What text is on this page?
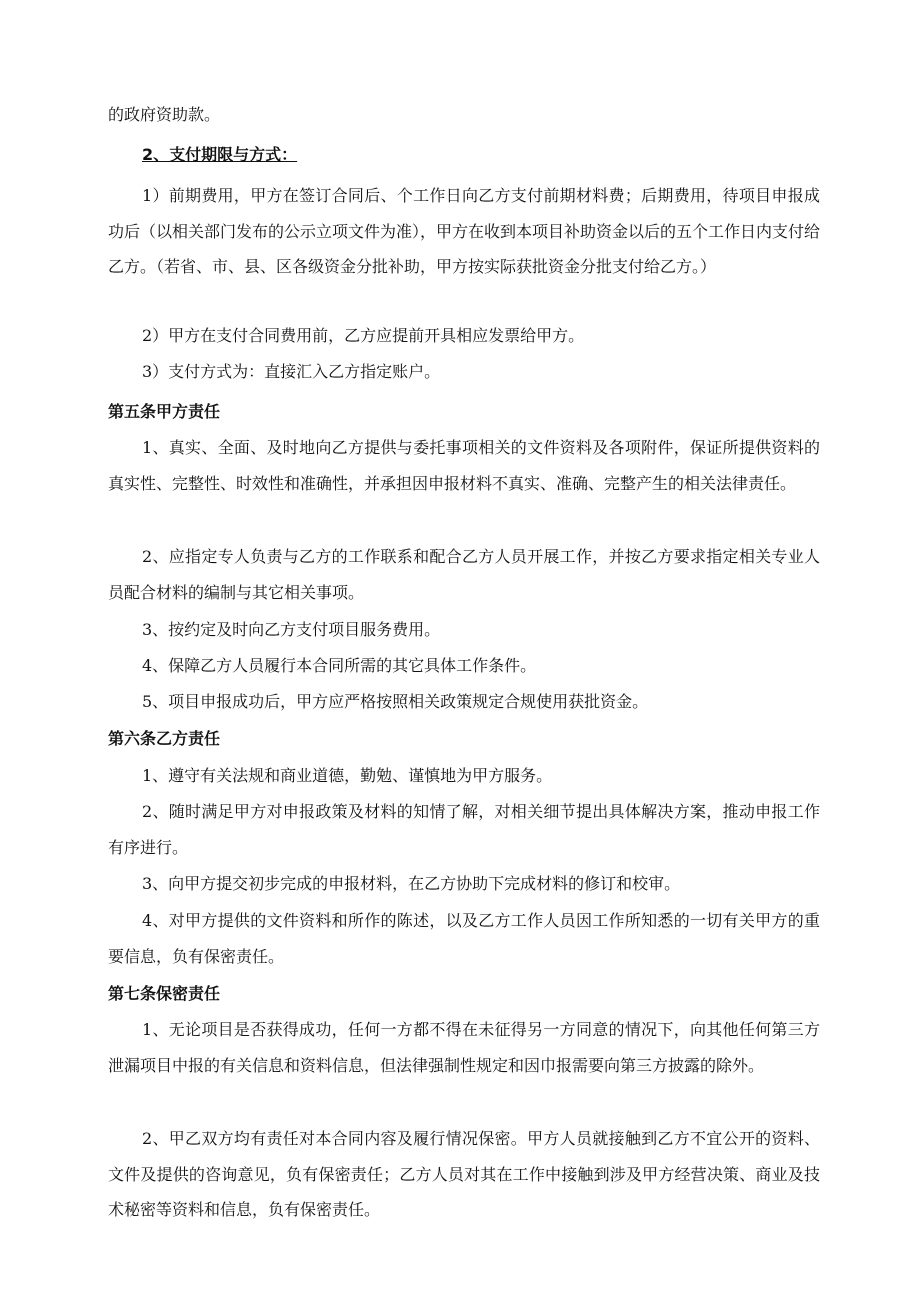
的政府资助款。

2、支付期限与方式：

1）前期费用，甲方在签订合同后、个工作日向乙方支付前期材料费；后期费用，待项目申报成功后（以相关部门发布的公示立项文件为准），甲方在收到本项目补助资金以后的五个工作日内支付给乙方。（若省、市、县、区各级资金分批补助，甲方按实际获批资金分批支付给乙方。）

2）甲方在支付合同费用前，乙方应提前开具相应发票给甲方。

3）支付方式为：直接汇入乙方指定账户。

第五条甲方责任

1、真实、全面、及时地向乙方提供与委托事项相关的文件资料及各项附件，保证所提供资料的真实性、完整性、时效性和准确性，并承担因申报材料不真实、准确、完整产生的相关法律责任。

2、应指定专人负责与乙方的工作联系和配合乙方人员开展工作，并按乙方要求指定相关专业人员配合材料的编制与其它相关事项。

3、按约定及时向乙方支付项目服务费用。

4、保障乙方人员履行本合同所需的其它具体工作条件。

5、项目申报成功后，甲方应严格按照相关政策规定合规使用获批资金。

第六条乙方责任

1、遵守有关法规和商业道德，勤勉、谨慎地为甲方服务。

2、随时满足甲方对申报政策及材料的知情了解，对相关细节提出具体解决方案，推动申报工作有序进行。

3、向甲方提交初步完成的申报材料，在乙方协助下完成材料的修订和校审。

4、对甲方提供的文件资料和所作的陈述，以及乙方工作人员因工作所知悉的一切有关甲方的重要信息，负有保密责任。

第七条保密责任

1、无论项目是否获得成功，任何一方都不得在未征得另一方同意的情况下，向其他任何第三方泄漏项目中报的有关信息和资料信息，但法律强制性规定和因巾报需要向第三方披露的除外。

2、甲乙双方均有责任对本合同内容及履行情况保密。甲方人员就接触到乙方不宜公开的资料、文件及提供的咨询意见，负有保密责任；乙方人员对其在工作中接触到涉及甲方经营决策、商业及技术秘密等资料和信息，负有保密责任。
